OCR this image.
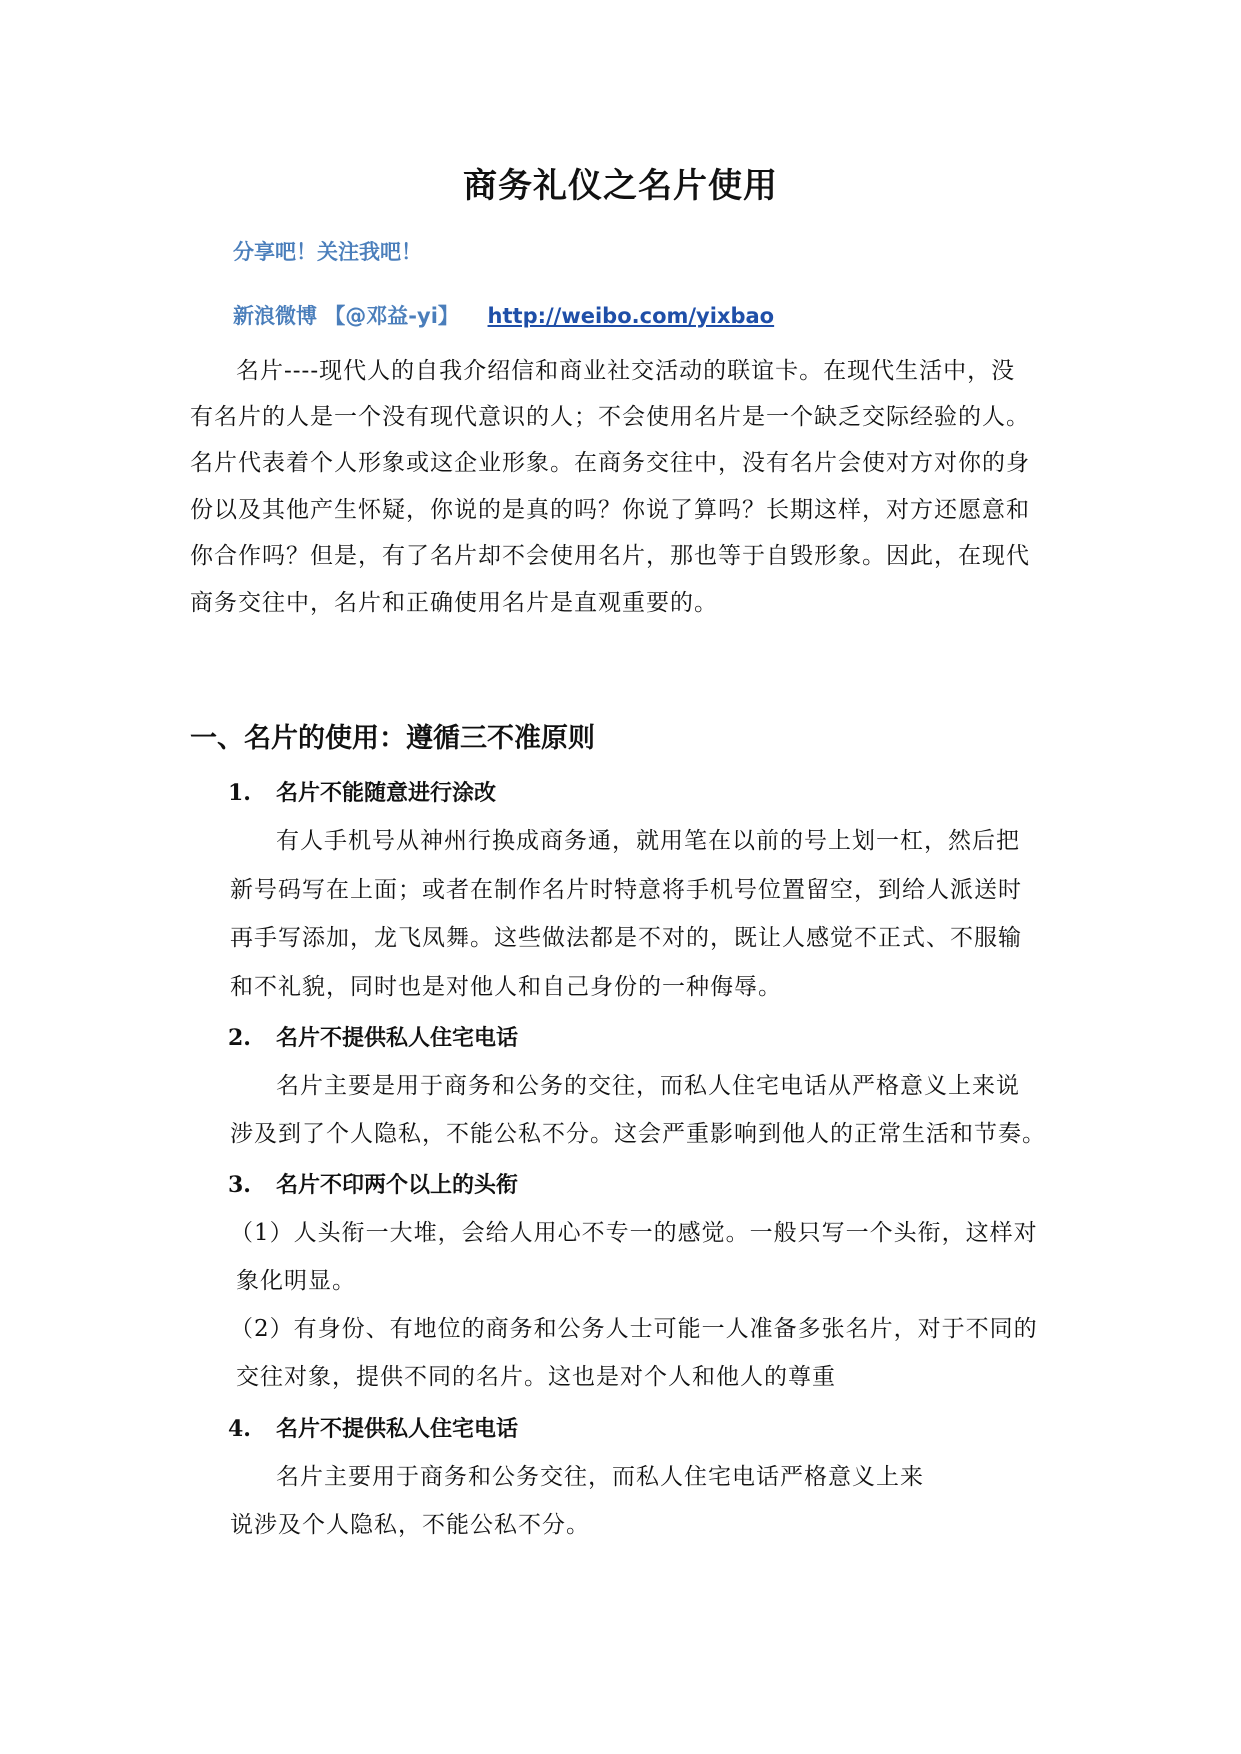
商务礼仪之名片使用
分享吧！关注我吧！
新浪微博 【@邓益-yi】 http://weibo.com/yixbao
名片----现代人的自我介绍信和商业社交活动的联谊卡。在现代生活中，没
有名片的人是一个没有现代意识的人；不会使用名片是一个缺乏交际经验的人。
名片代表着个人形象或这企业形象。在商务交往中，没有名片会使对方对你的身
份以及其他产生怀疑，你说的是真的吗？你说了算吗？长期这样，对方还愿意和
你合作吗？但是，有了名片却不会使用名片，那也等于自毁形象。因此，在现代
商务交往中，名片和正确使用名片是直观重要的。
一、名片的使用：遵循三不准原则
1. 名片不能随意进行涂改
有人手机号从神州行换成商务通，就用笔在以前的号上划一杠，然后把
新号码写在上面；或者在制作名片时特意将手机号位置留空，到给人派送时
再手写添加，龙飞凤舞。这些做法都是不对的，既让人感觉不正式、不服输
和不礼貌，同时也是对他人和自己身份的一种侮辱。
2. 名片不提供私人住宅电话
名片主要是用于商务和公务的交往，而私人住宅电话从严格意义上来说
涉及到了个人隐私，不能公私不分。这会严重影响到他人的正常生活和节奏。
3. 名片不印两个以上的头衔
（1）人头衔一大堆，会给人用心不专一的感觉。一般只写一个头衔，这样对
象化明显。
（2）有身份、有地位的商务和公务人士可能一人准备多张名片，对于不同的
交往对象，提供不同的名片。这也是对个人和他人的尊重
4. 名片不提供私人住宅电话
名片主要用于商务和公务交往，而私人住宅电话严格意义上来
说涉及个人隐私，不能公私不分。
